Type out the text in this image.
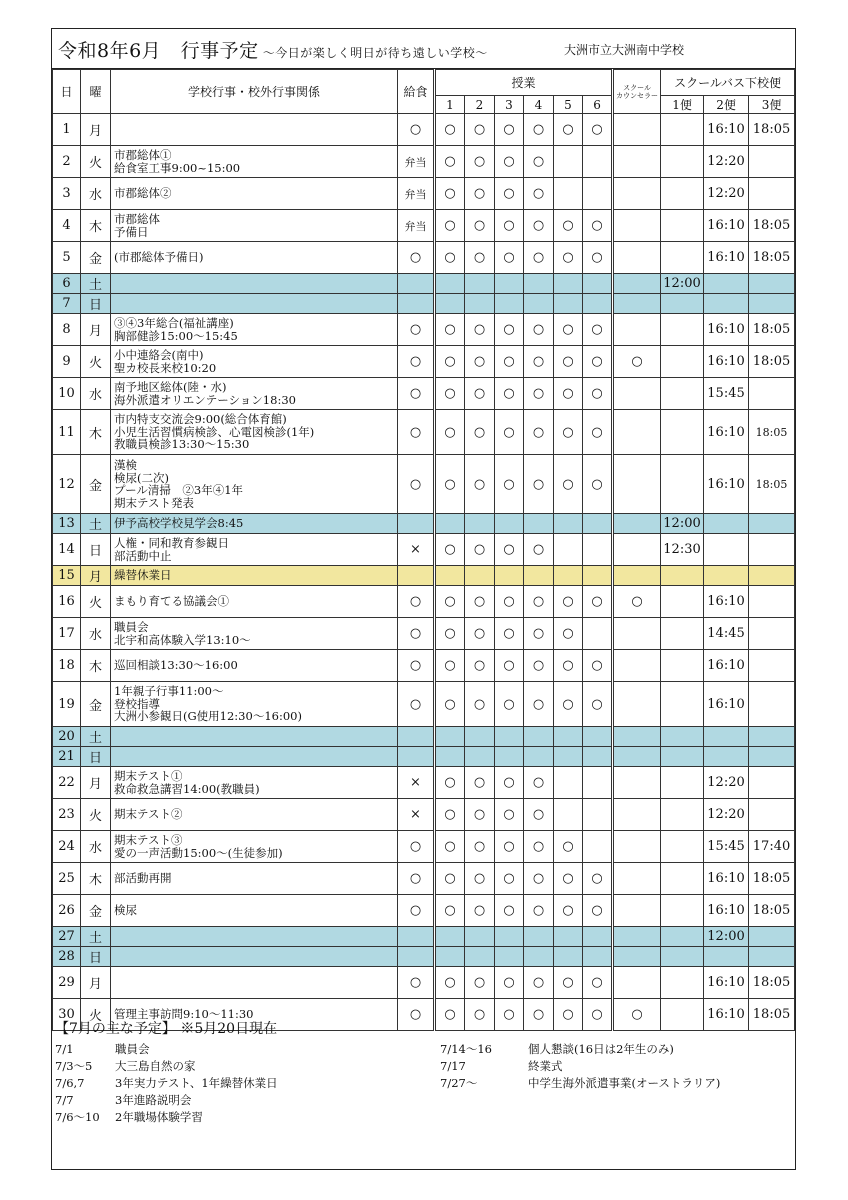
令和8年6月　行事予定 ～今日が楽しく明日が待ち遠しい学校～	大洲市立大洲南中学校
日	曜	学校行事・校外行事関係	給食	授業						スクール
カウンセラー	スクールバス下校便		
				1	2	3	4	5	6		1便	2便	3便
1	月		○	○	○	○	○	○	○			16:10	18:05
2	火	市郡総体①
給食室工事9:00~15:00	弁当	○	○	○	○					12:20	
3	水	市郡総体②	弁当	○	○	○	○					12:20	
4	木	市郡総体
予備日	弁当	○	○	○	○	○	○			16:10	18:05
5	金	(市郡総体予備日)	○	○	○	○	○	○	○			16:10	18:05
6	土										12:00		
7	日												
8	月	③④3年総合(福祉講座)
胸部健診15:00～15:45	○	○	○	○	○	○	○			16:10	18:05
9	火	小中連絡会(南中)
聖カ校長来校10:20	○	○	○	○	○	○	○	○		16:10	18:05
10	水	南予地区総体(陸・水)
海外派遣オリエンテーション18:30	○	○	○	○	○	○	○			15:45	
11	木	市内特支交流会9:00(総合体育館)
小児生活習慣病検診、心電図検診(1年)
教職員検診13:30～15:30	○	○	○	○	○	○	○			16:10	18:05
12	金	漢検
検尿(二次)
プール清掃　②3年④1年
期末テスト発表	○	○	○	○	○	○	○			16:10	18:05
13	土	伊予高校学校見学会8:45									12:00		
14	日	人権・同和教育参観日
部活動中止	×	○	○	○	○				12:30		
15	月	繰替休業日											
16	火	まもり育てる協議会①	○	○	○	○	○	○	○	○		16:10	
17	水	職員会
北宇和高体験入学13:10～	○	○	○	○	○	○				14:45	
18	木	巡回相談13:30～16:00	○	○	○	○	○	○	○			16:10	
19	金	1年親子行事11:00～
登校指導
大洲小参観日(G使用12:30～16:00)	○	○	○	○	○	○	○			16:10	
20	土												
21	日												
22	月	期末テスト①
救命救急講習14:00(教職員)	×	○	○	○	○					12:20	
23	火	期末テスト②	×	○	○	○	○					12:20	
24	水	期末テスト③
愛の一声活動15:00～(生徒参加)	○	○	○	○	○	○				15:45	17:40
25	木	部活動再開	○	○	○	○	○	○	○			16:10	18:05
26	金	検尿	○	○	○	○	○	○	○			16:10	18:05
27	土											12:00	
28	日												
29	月		○	○	○	○	○	○	○			16:10	18:05
30	火	管理主事訪問9:10～11:30	○	○	○	○	○	○	○	○		16:10	18:05
【7月の主な予定】 ※5月20日現在
7/1	職員会
7/3～5 大三島自然の家
7/6,7	3年実力テスト、1年繰替休業日
7/7	3年進路説明会
7/6～10 2年職場体験学習
7/14～16	個人懇談(16日は2年生のみ)
7/17	終業式
7/27～	中学生海外派遣事業(オーストラリア)
